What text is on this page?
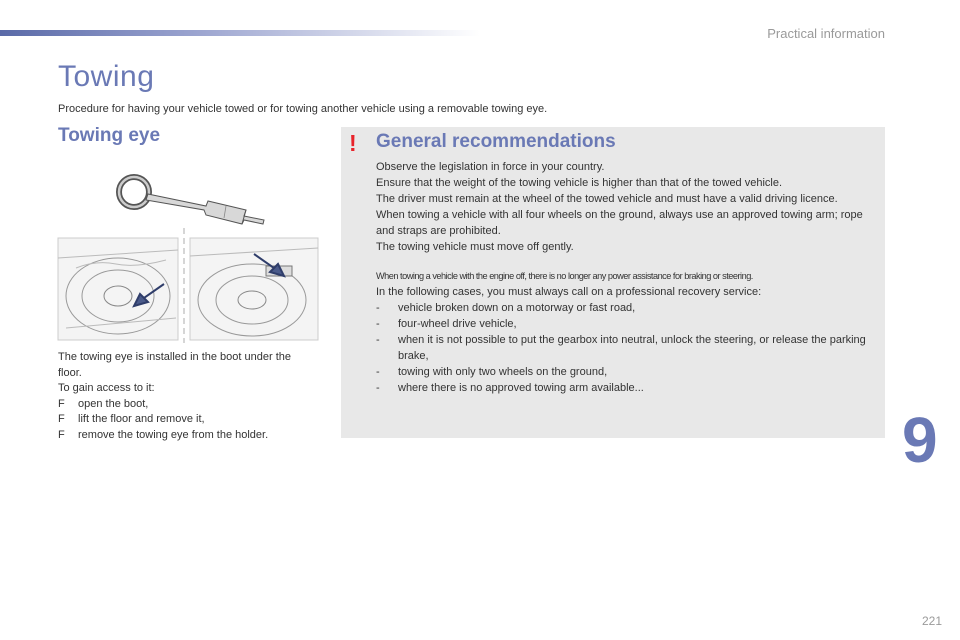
Practical information
Towing
Procedure for having your vehicle towed or for towing another vehicle using a removable towing eye.
Towing eye
The towing eye is installed in the boot under the floor.
To gain access to it:
F	open the boot,
F	lift the floor and remove it,
F	remove the towing eye from the holder.
! General recommendations

Observe the legislation in force in your country.

Ensure that the weight of the towing vehicle is higher than that of the towed vehicle.

The driver must remain at the wheel of the towed vehicle and must have a valid driving licence.

When towing a vehicle with all four wheels on the ground, always use an approved towing arm; rope and straps are prohibited.

The towing vehicle must move off gently.

When towing a vehicle with the engine off, there is no longer any power assistance for braking or steering.

In the following cases, you must always call on a professional recovery service:

-	vehicle broken down on a motorway or fast road,
-	four-wheel drive vehicle,
-	when it is not possible to put the gearbox into neutral, unlock the steering, or release the parking brake,
-	towing with only two wheels on the ground,
-	where there is no approved towing arm available...
9
221
